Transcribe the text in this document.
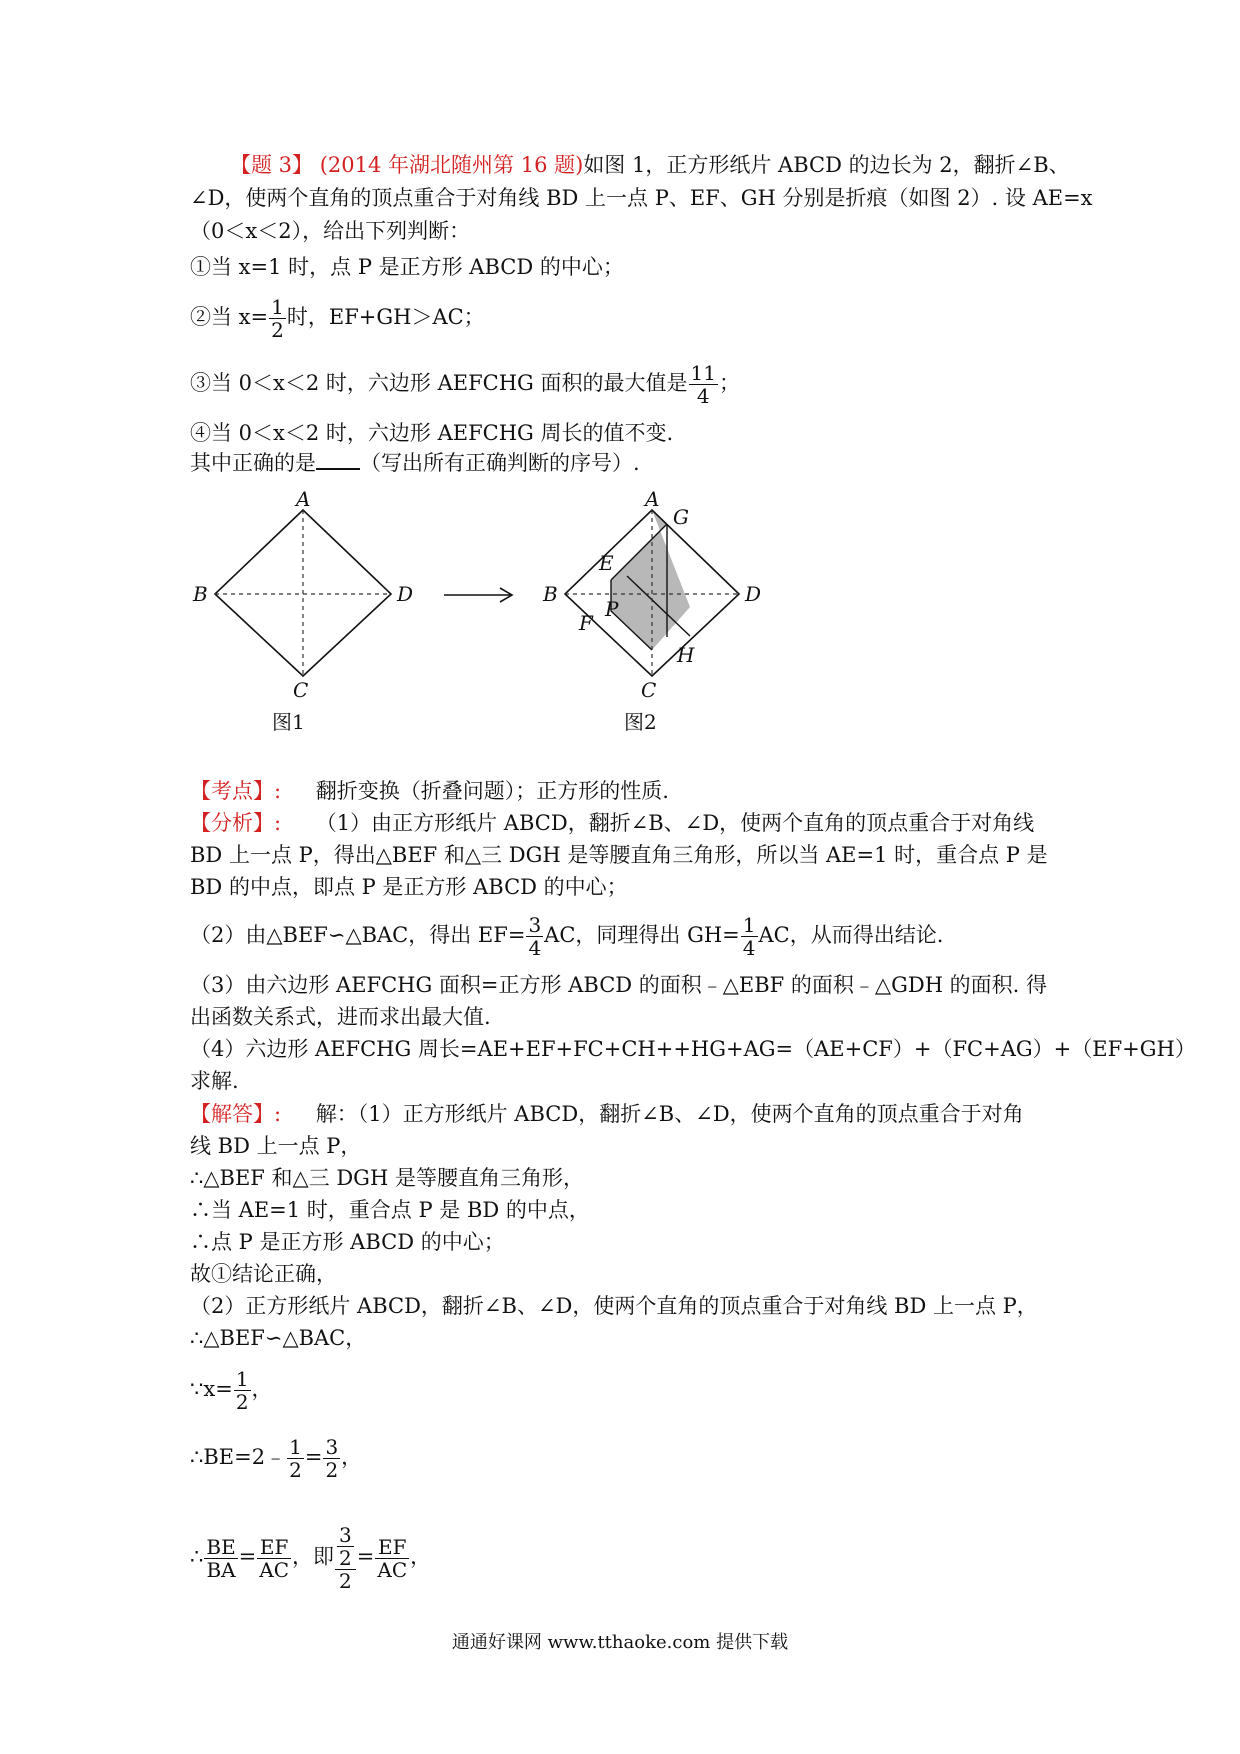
【题 3】 (2014 年湖北随州第 16 题)如图 1，正方形纸片 ABCD 的边长为 2，翻折∠B、
∠D，使两个直角的顶点重合于对角线 BD 上一点 P、EF、GH 分别是折痕（如图 2）. 设 AE=x
（0＜x＜2），给出下列判断：
①当 x=1 时，点 P 是正方形 ABCD 的中心；
②当 $x= \frac{1}{2}$ 时，EF+GH＞AC；
③当 0＜x＜2 时，六边形 AEFCHG 面积的最大值是 $\frac{11}{4}$ ；
④当 0＜x＜2 时，六边形 AEFCHG 周长的值不变.
其中正确的是 （写出所有正确判断的序号）.
A
B
C
D
图1
A
G
E
B
P
F
D
H
C
图2
【考点】: 翻折变换（折叠问题）；正方形的性质.
【分析】: （1）由正方形纸片 ABCD，翻折∠B、∠D，使两个直角的顶点重合于对角线
BD 上一点 P，得出△BEF 和△三 DGH 是等腰直角三角形，所以当 AE=1 时，重合点 P 是
BD 的中点，即点 P 是正方形 ABCD 的中心；
（2）由△BEF∽△BAC，得出 $EF= \frac{3}{4}$ AC，同理得出 $GH= \frac{1}{4}$ AC，从而得出结论.
（3）由六边形 AEFCHG 面积=正方形 ABCD 的面积﹣△EBF 的面积﹣△GDH 的面积. 得
出函数关系式，进而求出最大值.
（4）六边形 AEFCHG 周长=AE+EF+FC+CH++HG+AG=（AE+CF）+（FC+AG）+（EF+GH）
求解.
【解答】: 解：（1）正方形纸片 ABCD，翻折∠B、∠D，使两个直角的顶点重合于对角
线 BD 上一点 P，
∴△BEF 和△三 DGH 是等腰直角三角形，
∴当 AE=1 时，重合点 P 是 BD 的中点，
∴点 P 是正方形 ABCD 的中心；
故①结论正确，
（2）正方形纸片 ABCD，翻折∠B、∠D，使两个直角的顶点重合于对角线 BD 上一点 P，
∴△BEF∽△BAC，
∵x= $\frac{1}{2}$ ，
∴BE=2﹣ $\frac{1}{2} = \frac{3}{2}$ ，
∴ $\frac{BE}{BA} = \frac{EF}{AC}$ ，即 $\frac{\frac{3}{2}}{2} = \frac{EF}{AC}$ ，
通通好课网 www.tthaoke.com 提供下载
